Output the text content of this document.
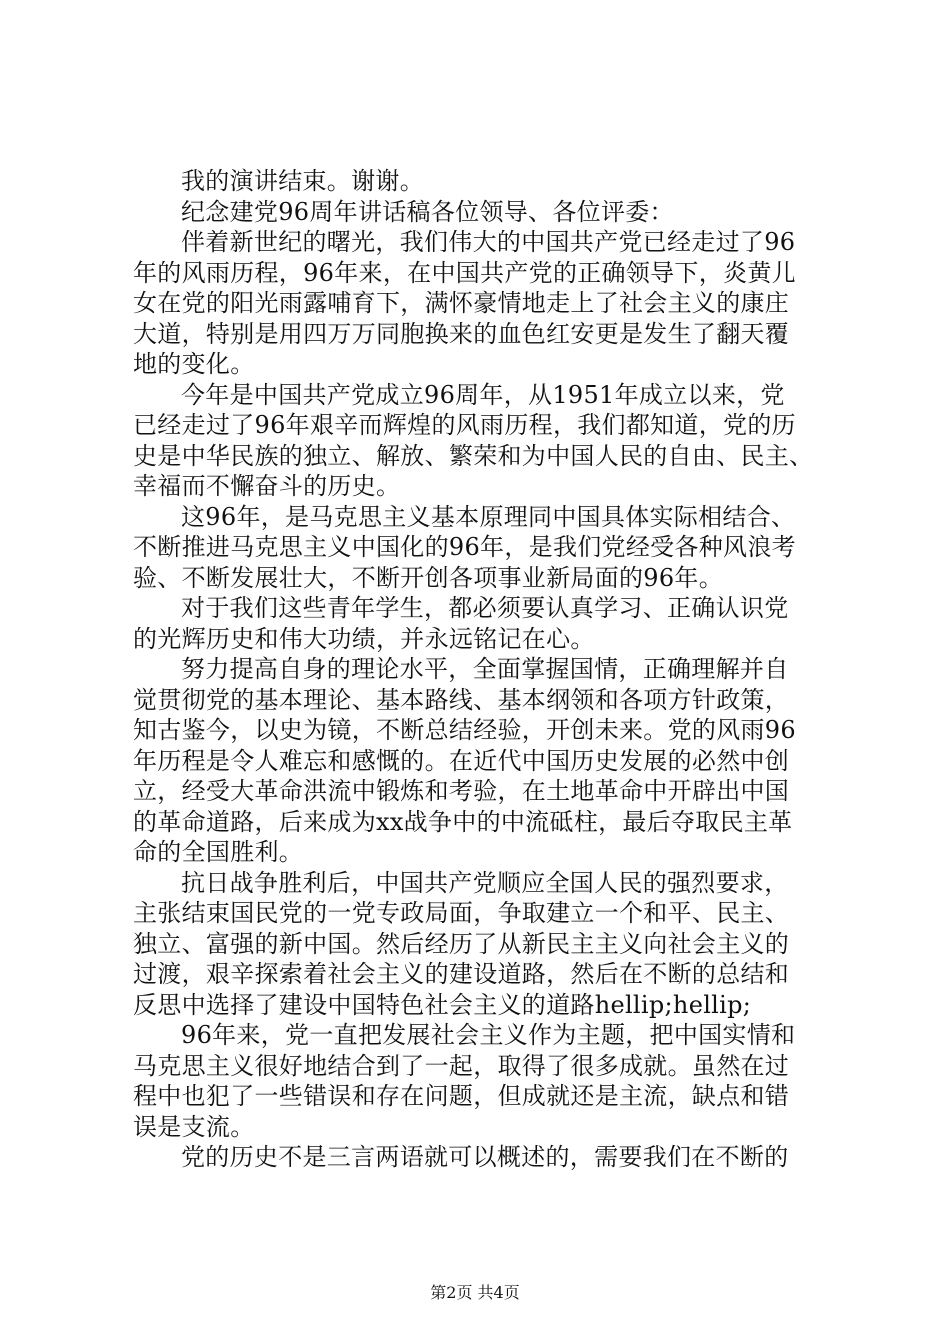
我的演讲结束。谢谢。
纪念建党96周年讲话稿各位领导、各位评委：
伴着新世纪的曙光，我们伟大的中国共产党已经走过了96
年的风雨历程，96年来，在中国共产党的正确领导下，炎黄儿
女在党的阳光雨露哺育下，满怀豪情地走上了社会主义的康庄
大道，特别是用四万万同胞换来的血色红安更是发生了翻天覆
地的变化。
今年是中国共产党成立96周年，从1951年成立以来，党
已经走过了96年艰辛而辉煌的风雨历程，我们都知道，党的历
史是中华民族的独立、解放、繁荣和为中国人民的自由、民主、
幸福而不懈奋斗的历史。
这96年，是马克思主义基本原理同中国具体实际相结合、
不断推进马克思主义中国化的96年，是我们党经受各种风浪考
验、不断发展壮大，不断开创各项事业新局面的96年。
对于我们这些青年学生，都必须要认真学习、正确认识党
的光辉历史和伟大功绩，并永远铭记在心。
努力提高自身的理论水平，全面掌握国情，正确理解并自
觉贯彻党的基本理论、基本路线、基本纲领和各项方针政策，
知古鉴今，以史为镜，不断总结经验，开创未来。党的风雨96
年历程是令人难忘和感慨的。在近代中国历史发展的必然中创
立，经受大革命洪流中锻炼和考验，在土地革命中开辟出中国
的革命道路，后来成为xx战争中的中流砥柱，最后夺取民主革
命的全国胜利。
抗日战争胜利后，中国共产党顺应全国人民的强烈要求，
主张结束国民党的一党专政局面，争取建立一个和平、民主、
独立、富强的新中国。然后经历了从新民主主义向社会主义的
过渡，艰辛探索着社会主义的建设道路，然后在不断的总结和
反思中选择了建设中国特色社会主义的道路hellip;hellip;
96年来，党一直把发展社会主义作为主题，把中国实情和
马克思主义很好地结合到了一起，取得了很多成就。虽然在过
程中也犯了一些错误和存在问题，但成就还是主流，缺点和错
误是支流。
党的历史不是三言两语就可以概述的，需要我们在不断的
第2页 共4页
